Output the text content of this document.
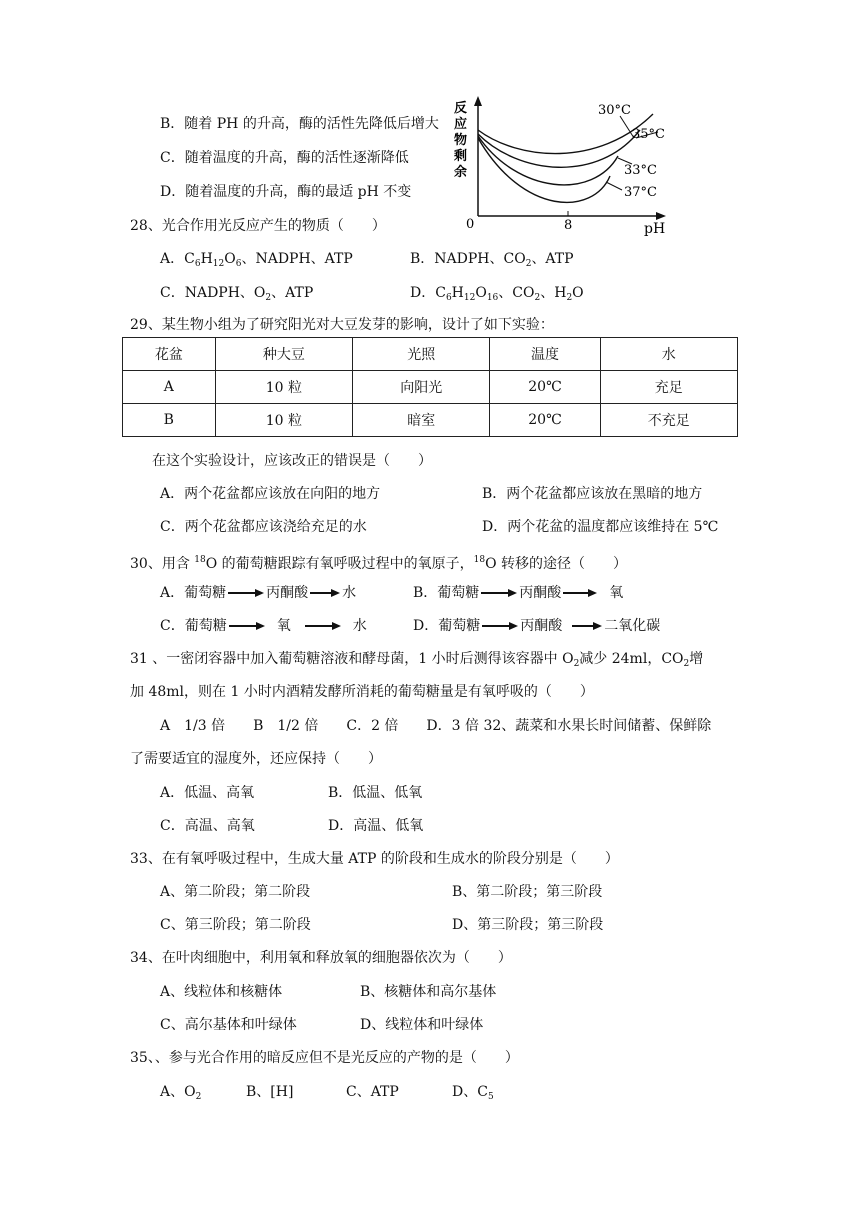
B．随着 PH 的升高，酶的活性先降低后增大
C．随着温度的升高，酶的活性逐渐降低
D．随着温度的升高，酶的最适 pH 不变
反
应
物
剩
余
0	8	pH
30°C
35°C
33°C
37°C
28、光合作用光反应产生的物质（　　）
A．$C_6H_{12}O_6$、NADPH、ATP	B．NADPH、$CO_2$、ATP
C．NADPH、$O_2$、ATP	D．$C_6H_{12}O_{16}$、$CO_2$、$H_2O$
29、某生物小组为了研究阳光对大豆发芽的影响，设计了如下实验：
花盆	种大豆	光照	温度	水
A	10 粒	向阳光	20℃	充足
B	10 粒	暗室	20℃	不充足
在这个实验设计，应该改正的错误是（　　）
A．两个花盆都应该放在向阳的地方	B．两个花盆都应该放在黑暗的地方
C．两个花盆都应该浇给充足的水	D．两个花盆的温度都应该维持在 5℃
30、用含 $^{18}$O 的葡萄糖跟踪有氧呼吸过程中的氧原子，$^{18}$O 转移的途径（　　）
A．葡萄糖	丙酮酸 水	B．葡萄糖	丙酮酸	氧
C．葡萄糖	氧	水	D．葡萄糖	丙酮酸	二氧化碳
31 、一密闭容器中加入葡萄糖溶液和酵母菌，1 小时后测得该容器中 $O_2$减少 24ml，$CO_2$增
加 48ml，则在 1 小时内酒精发酵所消耗的葡萄糖量是有氧呼吸的（　　）
A　1/3 倍　　B　1/2 倍　　C．2 倍　　D．3 倍 32、蔬菜和水果长时间储蓄、保鲜除
了需要适宜的湿度外，还应保持（　　）
A．低温、高氧	B．低温、低氧
C．高温、高氧	D．高温、低氧
33、在有氧呼吸过程中，生成大量 ATP 的阶段和生成水的阶段分别是（　　）
A、第二阶段；第二阶段	B、第二阶段；第三阶段
C、第三阶段；第二阶段	D、第三阶段；第三阶段
34、在叶肉细胞中，利用氧和释放氧的细胞器依次为（　　）
A、线粒体和核糖体	B、核糖体和高尔基体
C、高尔基体和叶绿体	D、线粒体和叶绿体
35、、参与光合作用的暗反应但不是光反应的产物的是（　　）
A、$O_2$	B、[H]	C、ATP	D、$C_5$
